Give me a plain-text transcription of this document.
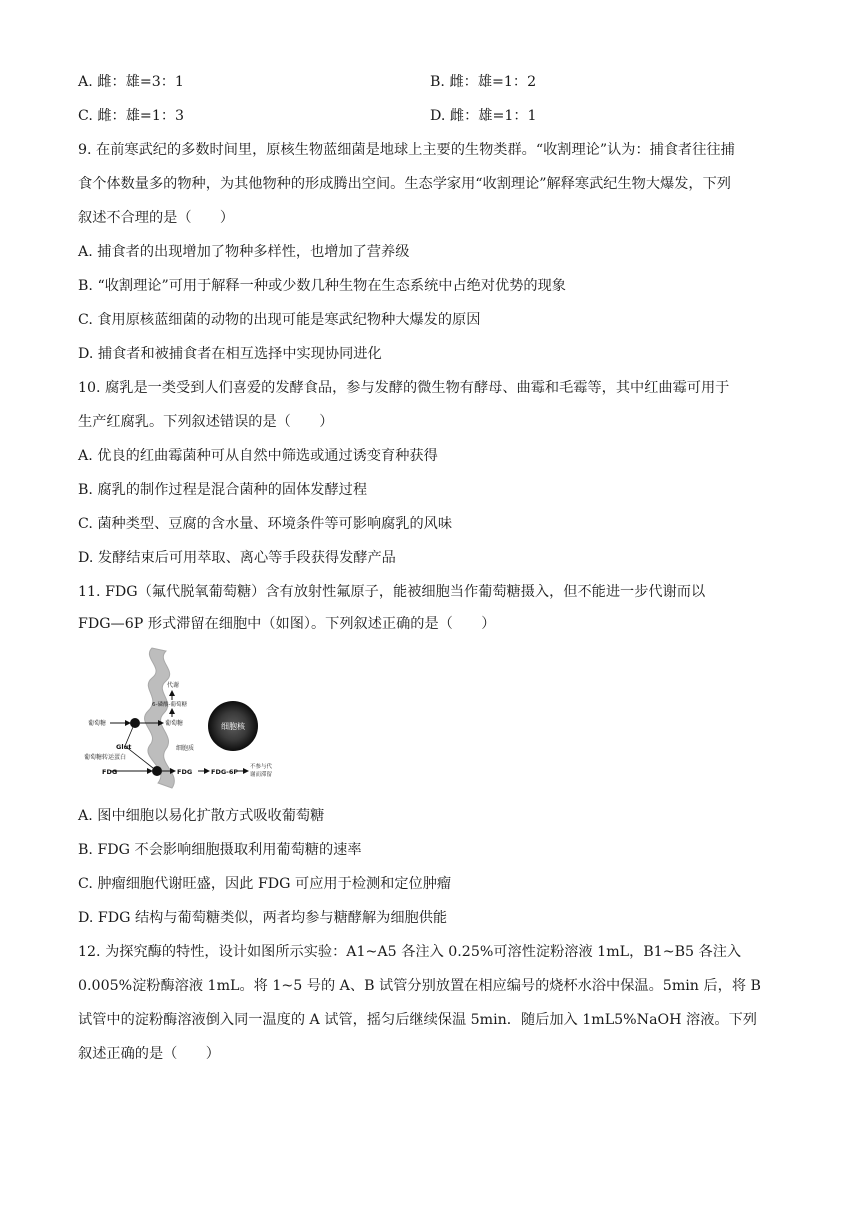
A. 雌：雄=3：1	B. 雌：雄=1：2
C. 雌：雄=1：3	D. 雌：雄=1：1
9. 在前寒武纪的多数时间里，原核生物蓝细菌是地球上主要的生物类群。“收割理论”认为：捕食者往往捕
食个体数量多的物种，为其他物种的形成腾出空间。生态学家用“收割理论”解释寒武纪生物大爆发，下列
叙述不合理的是（　　）
A. 捕食者的出现增加了物种多样性，也增加了营养级
B. “收割理论”可用于解释一种或少数几种生物在生态系统中占绝对优势的现象
C. 食用原核蓝细菌的动物的出现可能是寒武纪物种大爆发的原因
D. 捕食者和被捕食者在相互选择中实现协同进化
10. 腐乳是一类受到人们喜爱的发酵食品，参与发酵的微生物有酵母、曲霉和毛霉等，其中红曲霉可用于
生产红腐乳。下列叙述错误的是（　　）
A. 优良的红曲霉菌种可从自然中筛选或通过诱变育种获得
B. 腐乳的制作过程是混合菌种的固体发酵过程
C. 菌种类型、豆腐的含水量、环境条件等可影响腐乳的风味
D. 发酵结束后可用萃取、离心等手段获得发酵产品
11. FDG（氟代脱氧葡萄糖）含有放射性氟原子，能被细胞当作葡萄糖摄入，但不能进一步代谢而以
FDG—6P 形式滞留在细胞中（如图）。下列叙述正确的是（　　）
细胞核
代谢
6-磷酸-葡萄糖
葡萄糖	葡萄糖
细胞质
Glut
葡萄糖转运蛋白
FDG	FDG	FDG-6P
不参与代
谢而滞留
A. 图中细胞以易化扩散方式吸收葡萄糖
B. FDG 不会影响细胞摄取利用葡萄糖的速率
C. 肿瘤细胞代谢旺盛，因此 FDG 可应用于检测和定位肿瘤
D. FDG 结构与葡萄糖类似，两者均参与糖酵解为细胞供能
12. 为探究酶的特性，设计如图所示实验：A1~A5 各注入 0.25%可溶性淀粉溶液 1mL，B1~B5 各注入
0.005%淀粉酶溶液 1mL。将 1~5 号的 A、B 试管分别放置在相应编号的烧杯水浴中保温。5min 后，将 B
试管中的淀粉酶溶液倒入同一温度的 A 试管，摇匀后继续保温 5min．随后加入 1mL5%NaOH 溶液。下列
叙述正确的是（　　）
